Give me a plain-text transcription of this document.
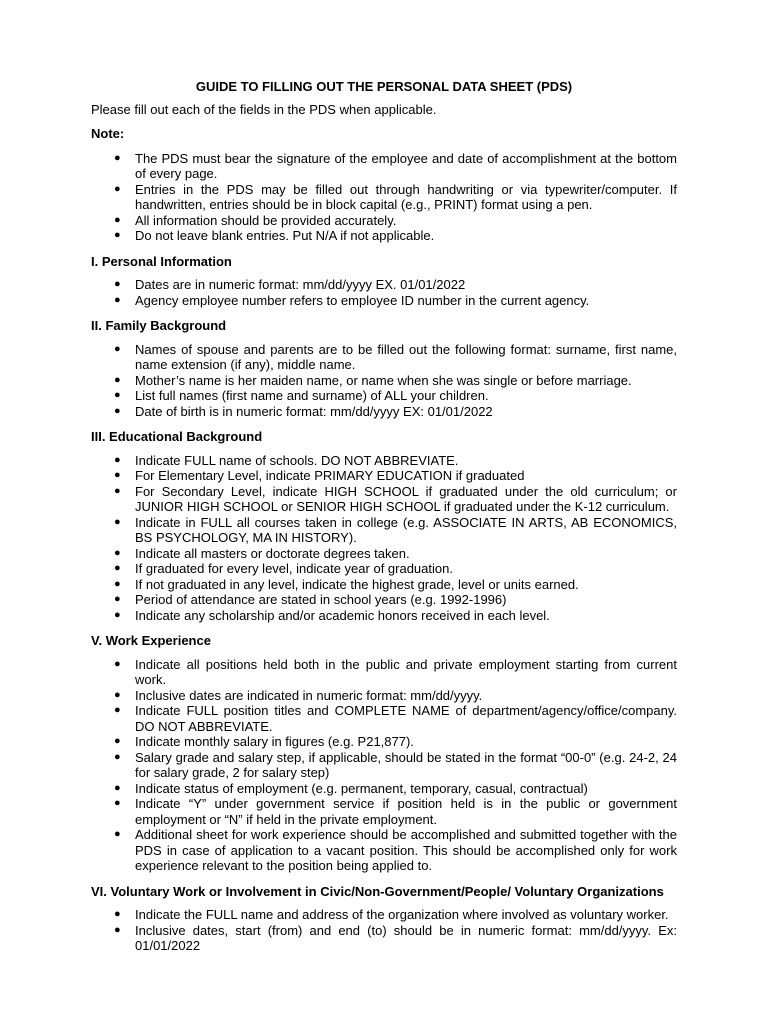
GUIDE TO FILLING OUT THE PERSONAL DATA SHEET (PDS)

Please fill out each of the fields in the PDS when applicable.

Note:
● The PDS must bear the signature of the employee and date of accomplishment at the bottom of every page.
● Entries in the PDS may be filled out through handwriting or via typewriter/computer. If handwritten, entries should be in block capital (e.g., PRINT) format using a pen.
● All information should be provided accurately.
● Do not leave blank entries. Put N/A if not applicable.
I. Personal Information
● Dates are in numeric format: mm/dd/yyyy EX. 01/01/2022
● Agency employee number refers to employee ID number in the current agency.
II. Family Background
● Names of spouse and parents are to be filled out the following format: surname, first name, name extension (if any), middle name.
● Mother’s name is her maiden name, or name when she was single or before marriage.
● List full names (first name and surname) of ALL your children.
● Date of birth is in numeric format: mm/dd/yyyy EX: 01/01/2022
III. Educational Background
● Indicate FULL name of schools. DO NOT ABBREVIATE.
● For Elementary Level, indicate PRIMARY EDUCATION if graduated
● For Secondary Level, indicate HIGH SCHOOL if graduated under the old curriculum; or JUNIOR HIGH SCHOOL or SENIOR HIGH SCHOOL if graduated under the K-12 curriculum.
● Indicate in FULL all courses taken in college (e.g. ASSOCIATE IN ARTS, AB ECONOMICS, BS PSYCHOLOGY, MA IN HISTORY).
● Indicate all masters or doctorate degrees taken.
● If graduated for every level, indicate year of graduation.
● If not graduated in any level, indicate the highest grade, level or units earned.
● Period of attendance are stated in school years (e.g. 1992-1996)
● Indicate any scholarship and/or academic honors received in each level.
V. Work Experience
● Indicate all positions held both in the public and private employment starting from current work.
● Inclusive dates are indicated in numeric format: mm/dd/yyyy.
● Indicate FULL position titles and COMPLETE NAME of department/agency/office/company. DO NOT ABBREVIATE.
● Indicate monthly salary in figures (e.g. P21,877).
● Salary grade and salary step, if applicable, should be stated in the format “00-0” (e.g. 24-2, 24 for salary grade, 2 for salary step)
● Indicate status of employment (e.g. permanent, temporary, casual, contractual)
● Indicate “Y” under government service if position held is in the public or government employment or “N” if held in the private employment.
● Additional sheet for work experience should be accomplished and submitted together with the PDS in case of application to a vacant position. This should be accomplished only for work experience relevant to the position being applied to.
VI. Voluntary Work or Involvement in Civic/Non-Government/People/ Voluntary Organizations
● Indicate the FULL name and address of the organization where involved as voluntary worker.
● Inclusive dates, start (from) and end (to) should be in numeric format: mm/dd/yyyy. Ex: 01/01/2022
